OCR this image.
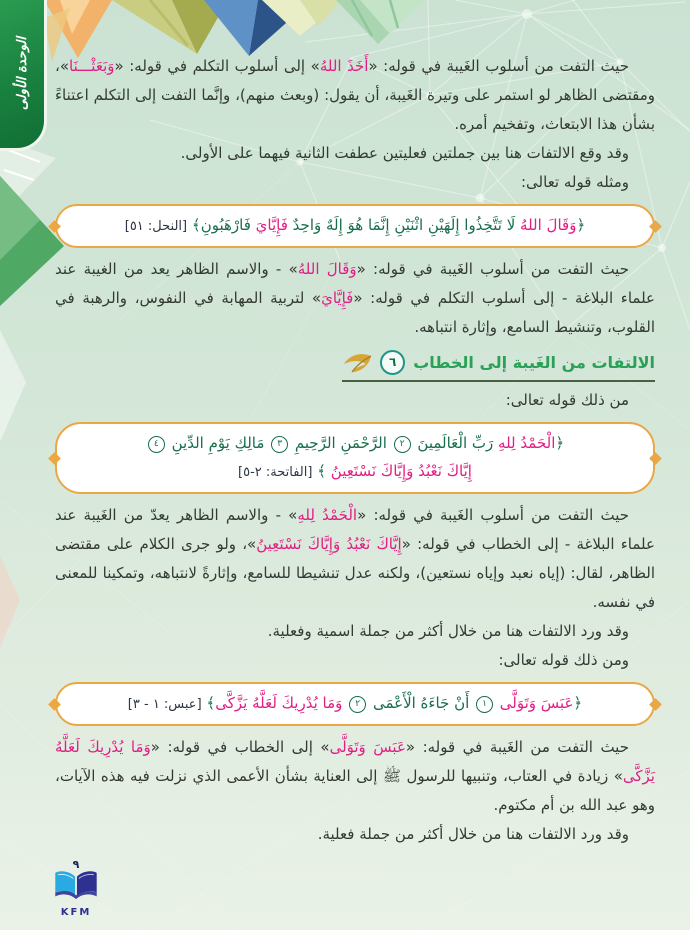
الوحدة الأولى	حيث التفت من أسلوب الغَيبة في قوله: «أَخَذَ اللهُ» إلى أسلوب التكلم في قوله: «وَبَعَثْـــنَا»، ومقتضى الظاهر لو استمر على وتيرة الغَيبة، أن يقول: (وبعث منهم)، وإنَّما التفت إلى التكلم اعتناءً بشأن هذا الابتعاث، وتفخيم أمره.

وقد وقع الالتفات هنا بين جملتين فعليتين عطفت الثانية فيهما على الأولى.

ومثله قوله تعالى:

﴿وَقَالَ اللهُ لَا تَتَّخِذُوا إِلَهَيْنِ اثْنَيْنِ إِنَّمَا هُوَ إِلَهٌ وَاحِدٌ فَإِيَّايَ فَارْهَبُونِ﴾ [النحل: ٥١]

حيث التفت من أسلوب الغَيبة في قوله: «وَقَالَ اللهُ» - والاسم الظاهر يعد من الغيبة عند علماء البلاغة - إلى أسلوب التكلم في قوله: «فَإِيَّايَ» لتربية المهابة في النفوس، والرهبة في القلوب، وتنشيط السامع، وإثارة انتباهه.

الالتفات من الغَيبة إلى الخطاب
٦

من ذلك قوله تعالى:

﴿الْحَمْدُ لِلهِ رَبِّ الْعَالَمِينَ ٢ الرَّحْمَنِ الرَّحِيمِ ٣ مَالِكِ يَوْمِ الدِّينِ ٤
إِيَّاكَ نَعْبُدُ وَإِيَّاكَ نَسْتَعِينُ ﴾ [الفاتحة: ٢-٥]

حيث التفت من أسلوب الغَيبة في قوله: «الْحَمْدُ لِلهِ» - والاسم الظاهر يعدّ من الغَيبة عند علماء البلاغة - إلى الخطاب في قوله: «إِيَّاكَ نَعْبُدُ وَإِيَّاكَ نَسْتَعِينُ»، ولو جرى الكلام على مقتضى الظاهر، لقال: (إياه نعبد وإياه نستعين)، ولكنه عدل تنشيطا للسامع، وإثارةً لانتباهه، وتمكينا للمعنى في نفسه.

وقد ورد الالتفات هنا من خلال أكثر من جملة اسمية وفعلية.

ومن ذلك قوله تعالى:

﴿عَبَسَ وَتَوَلَّى ١ أَنْ جَاءَهُ الْأَعْمَى ٢ وَمَا يُدْرِيكَ لَعَلَّهُ يَزَّكَّى﴾ [عبس: ١ - ٣]

حيث التفت من الغَيبة في قوله: «عَبَسَ وَتَوَلَّى» إلى الخطاب في قوله: «وَمَا يُدْرِيكَ لَعَلَّهُ يَزَّكَّى» زيادة في العتاب، وتنبيها للرسول ﷺ إلى العناية بشأن الأعمى الذي نزلت فيه هذه الآيات، وهو عبد الله بن أم مكتوم.

وقد ورد الالتفات هنا من خلال أكثر من جملة فعلية.

٩
KFM
